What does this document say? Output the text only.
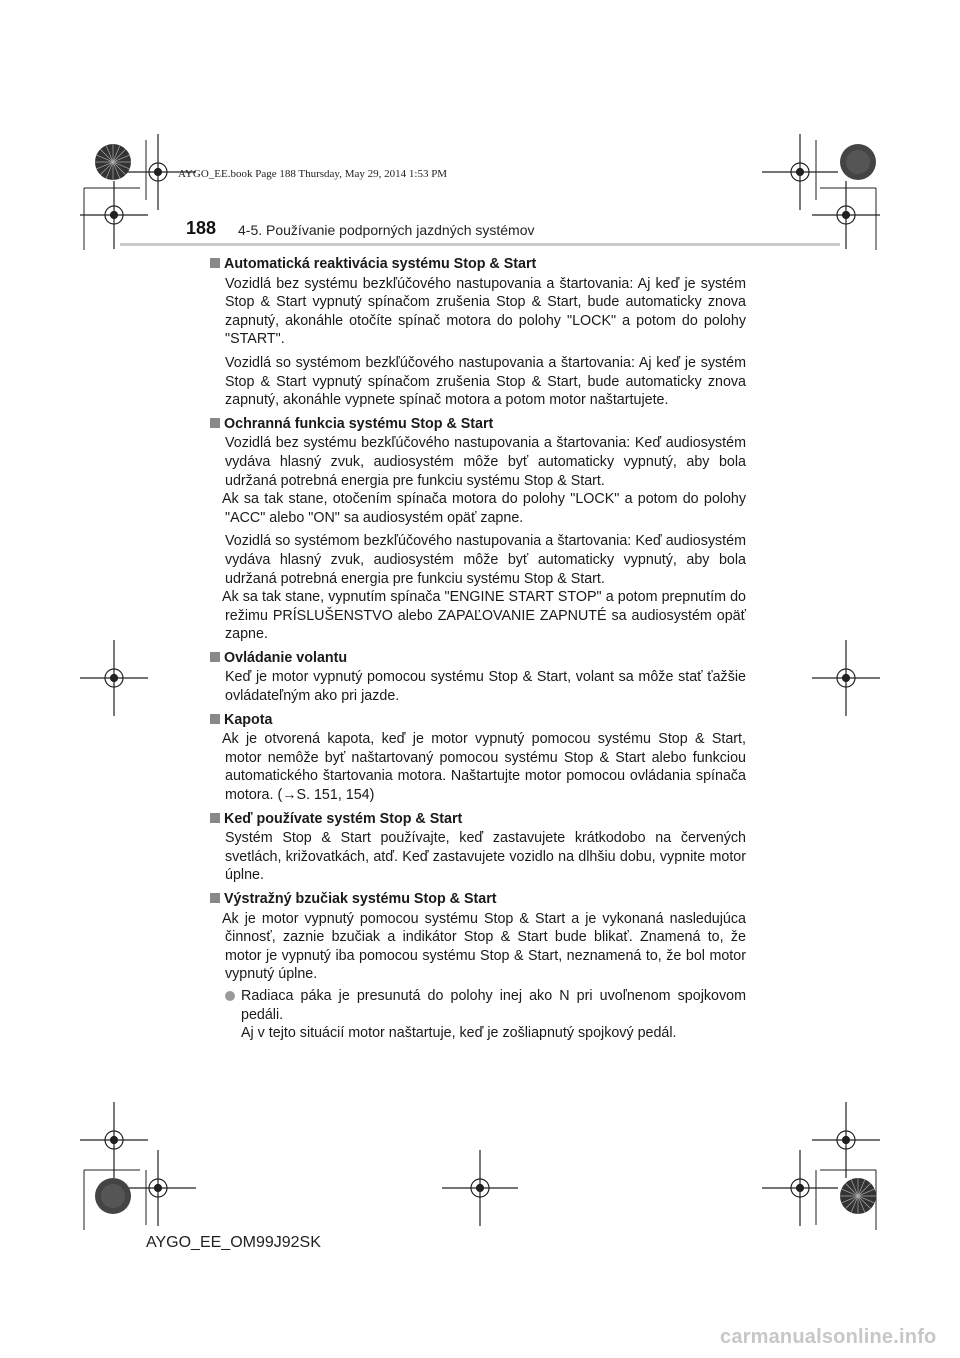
AYGO_EE.book Page 188 Thursday, May 29, 2014 1:53 PM
188 4-5. Používanie podporných jazdných systémov
Automatická reaktivácia systému Stop & Start

Vozidlá bez systému bezkľúčového nastupovania a štartovania: Aj keď je systém Stop & Start vypnutý spínačom zrušenia Stop & Start, bude automaticky znova zapnutý, akonáhle otočíte spínač motora do polohy "LOCK" a potom do polohy "START".

Vozidlá so systémom bezkľúčového nastupovania a štartovania: Aj keď je systém Stop & Start vypnutý spínačom zrušenia Stop & Start, bude automaticky znova zapnutý, akonáhle vypnete spínač motora a potom motor naštartujete.

Ochranná funkcia systému Stop & Start

Vozidlá bez systému bezkľúčového nastupovania a štartovania: Keď audiosystém vydáva hlasný zvuk, audiosystém môže byť automaticky vypnutý, aby bola udržaná potrebná energia pre funkciu systému Stop & Start.

Ak sa tak stane, otočením spínača motora do polohy "LOCK" a potom do polohy "ACC" alebo "ON" sa audiosystém opäť zapne.

Vozidlá so systémom bezkľúčového nastupovania a štartovania: Keď audiosystém vydáva hlasný zvuk, audiosystém môže byť automaticky vypnutý, aby bola udržaná potrebná energia pre funkciu systému Stop & Start.

Ak sa tak stane, vypnutím spínača "ENGINE START STOP" a potom prepnutím do režimu PRÍSLUŠENSTVO alebo ZAPAĽOVANIE ZAPNUTÉ sa audiosystém opäť zapne.

Ovládanie volantu

Keď je motor vypnutý pomocou systému Stop & Start, volant sa môže stať ťažšie ovládateľným ako pri jazde.

Kapota

Ak je otvorená kapota, keď je motor vypnutý pomocou systému Stop & Start, motor nemôže byť naštartovaný pomocou systému Stop & Start alebo funkciou automatického štartovania motora. Naštartujte motor pomocou ovládania spínača motora. (→S. 151, 154)

Keď používate systém Stop & Start

Systém Stop & Start používajte, keď zastavujete krátkodobo na červených svetlách, križovatkách, atď. Keď zastavujete vozidlo na dlhšiu dobu, vypnite motor úplne.

Výstražný bzučiak systému Stop & Start

Ak je motor vypnutý pomocou systému Stop & Start a je vykonaná nasledujúca činnosť, zaznie bzučiak a indikátor Stop & Start bude blikať. Znamená to, že motor je vypnutý iba pomocou systému Stop & Start, neznamená to, že bol motor vypnutý úplne.

Radiaca páka je presunutá do polohy inej ako N pri uvoľnenom spojkovom pedáli.
Aj v tejto situácií motor naštartuje, keď je zošliapnutý spojkový pedál.
AYGO_EE_OM99J92SK
carmanualsonline.info
